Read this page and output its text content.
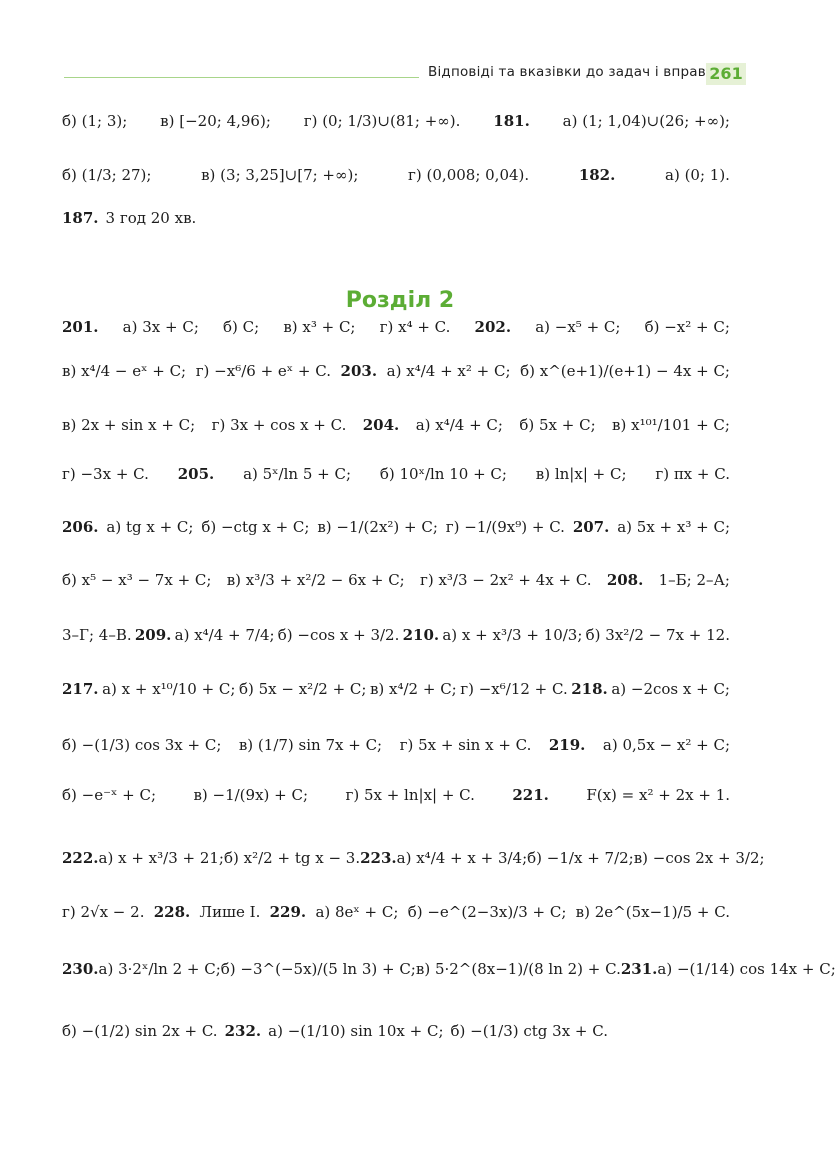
Відповіді та вказівки до задач і вправ 261
Розділ 2
б) (1; 3); в) [−20; 4,96); г) (0; 1/3)∪(81; +∞). 181. а) (1; 1,04)∪(26; +∞);
б) (1/3; 27);	в) (3; 3,25]∪[7; +∞);	г) (0,008; 0,04).	182.	а) (0; 1).
187. 3 год 20 хв.
201. а) 3x + C; б) C; в) x³ + C; г) x⁴ + C. 202. а) −x⁵ + C; б) −x² + C;
в) x⁴/4 − eˣ + C; г) −x⁶/6 + eˣ + C. 203. а) x⁴/4 + x² + C; б) x^(e+1)/(e+1) − 4x + C;
в) 2x + sin x + C; г) 3x + cos x + C. 204. а) x⁴/4 + C; б) 5x + C; в) x¹⁰¹/101 + C;
г) −3x + C. 205. а) 5ˣ/ln 5 + C; б) 10ˣ/ln 10 + C; в) ln|x| + C; г) πx + C.
206. а) tg x + C; б) −ctg x + C; в) −1/(2x²) + C; г) −1/(9x⁹) + C. 207. а) 5x + x³ + C;
б) x⁵ − x³ − 7x + C; в) x³/3 + x²/2 − 6x + C; г) x³/3 − 2x² + 4x + C. 208. 1–Б; 2–А;
3–Г; 4–В. 209. а) x⁴/4 + 7/4; б) −cos x + 3/2. 210. а) x + x³/3 + 10/3; б) 3x²/2 − 7x + 12.
217. а) x + x¹⁰/10 + C; б) 5x − x²/2 + C; в) x⁴/2 + C; г) −x⁶/12 + C. 218. а) −2cos x + C;
б) −(1/3) cos 3x + C; в) (1/7) sin 7x + C; г) 5x + sin x + C. 219. а) 0,5x − x² + C;
б) −e⁻ˣ + C; в) −1/(9x) + C; г) 5x + ln|x| + C. 221. F(x) = x² + 2x + 1.
222. а) x + x³/3 + 21; б) x²/2 + tg x − 3. 223. а) x⁴/4 + x + 3/4; б) −1/x + 7/2; в) −cos 2x + 3/2;
г) 2√x − 2. 228. Лише І. 229. а) 8eˣ + C; б) −e^(2−3x)/3 + C; в) 2e^(5x−1)/5 + C.
230. а) 3·2ˣ/ln 2 + C; б) −3^(−5x)/(5 ln 3) + C; в) 5·2^(8x−1)/(8 ln 2) + C. 231. а) −(1/14) cos 14x + C;
б) −(1/2) sin 2x + C. 232. а) −(1/10) sin 10x + C; б) −(1/3) ctg 3x + C.
